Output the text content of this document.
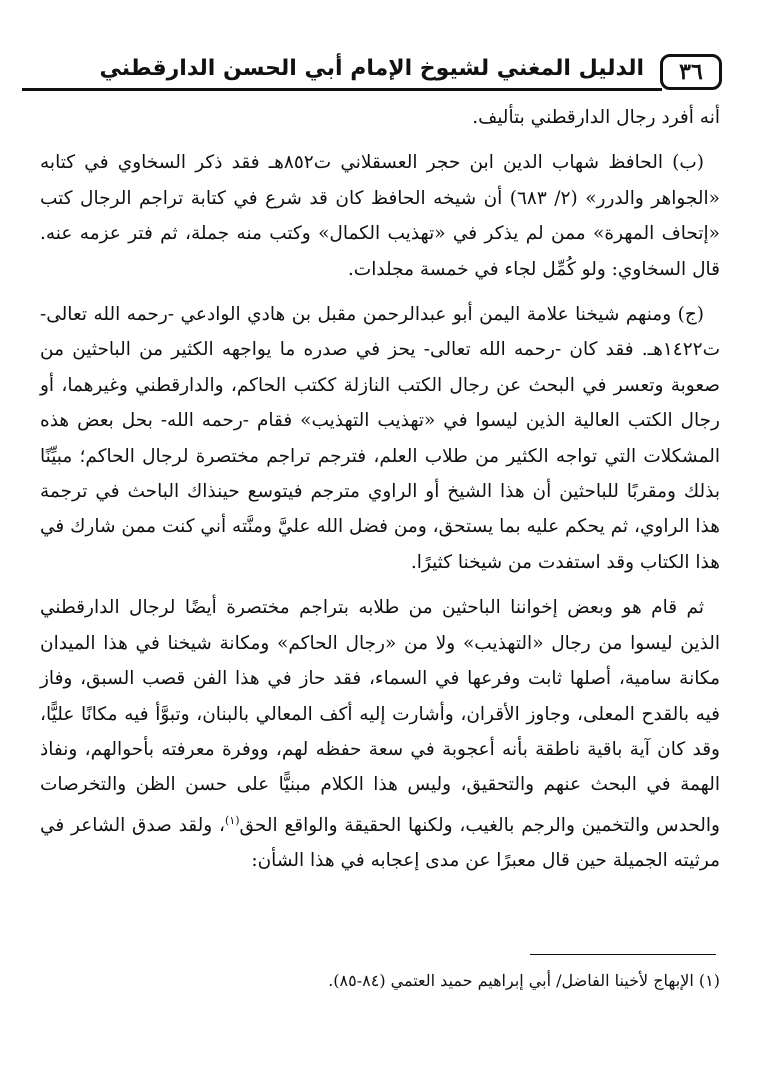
٣٦
الدليل المغني لشيوخ الإمام أبي الحسن الدارقطني

أنه أفرد رجال الدارقطني بتأليف.

(ب) الحافظ شهاب الدين ابن حجر العسقلاني ت٨٥٢هـ فقد ذكر السخاوي في كتابه «الجواهر والدرر» (٢/ ٦٨٣) أن شيخه الحافظ كان قد شرع في كتابة تراجم الرجال كتب «إتحاف المهرة» ممن لم يذكر في «تهذيب الكمال» وكتب منه جملة، ثم فتر عزمه عنه. قال السخاوي: ولو كُمِّل لجاء في خمسة مجلدات.

(ج) ومنهم شيخنا علامة اليمن أبو عبدالرحمن مقبل بن هادي الوادعي -رحمه الله تعالى- ت١٤٢٢هـ. فقد كان -رحمه الله تعالى- يحز في صدره ما يواجهه الكثير من الباحثين من صعوبة وتعسر في البحث عن رجال الكتب النازلة ككتب الحاكم، والدارقطني وغيرهما، أو رجال الكتب العالية الذين ليسوا في «تهذيب التهذيب» فقام -رحمه الله- بحل بعض هذه المشكلات التي تواجه الكثير من طلاب العلم، فترجم تراجم مختصرة لرجال الحاكم؛ مبيِّنًا بذلك ومقربًا للباحثين أن هذا الشيخ أو الراوي مترجم فيتوسع حينذاك الباحث في ترجمة هذا الراوي، ثم يحكم عليه بما يستحق، ومن فضل الله عليَّ ومنَّته أني كنت ممن شارك في هذا الكتاب وقد استفدت من شيخنا كثيرًا.

ثم قام هو وبعض إخواننا الباحثين من طلابه بتراجم مختصرة أيضًا لرجال الدارقطني الذين ليسوا من رجال «التهذيب» ولا من «رجال الحاكم» ومكانة شيخنا في هذا الميدان مكانة سامية، أصلها ثابت وفرعها في السماء، فقد حاز في هذا الفن قصب السبق، وفاز فيه بالقدح المعلى، وجاوز الأقران، وأشارت إليه أكف المعالي بالبنان، وتبوَّأ فيه مكانًا عليًّا، وقد كان آية باقية ناطقة بأنه أعجوبة في سعة حفظه لهم، ووفرة معرفته بأحوالهم، ونفاذ الهمة في البحث عنهم والتحقيق، وليس هذا الكلام مبنيًّا على حسن الظن والتخرصات والحدس والتخمين والرجم بالغيب، ولكنها الحقيقة والواقع الحق$^{(١)}$، ولقد صدق الشاعر في مرثيته الجميلة حين قال معبرًا عن مدى إعجابه في هذا الشأن:

(١) الإبهاج لأخينا الفاضل/ أبي إبراهيم حميد العتمي (٨٤-٨٥).
